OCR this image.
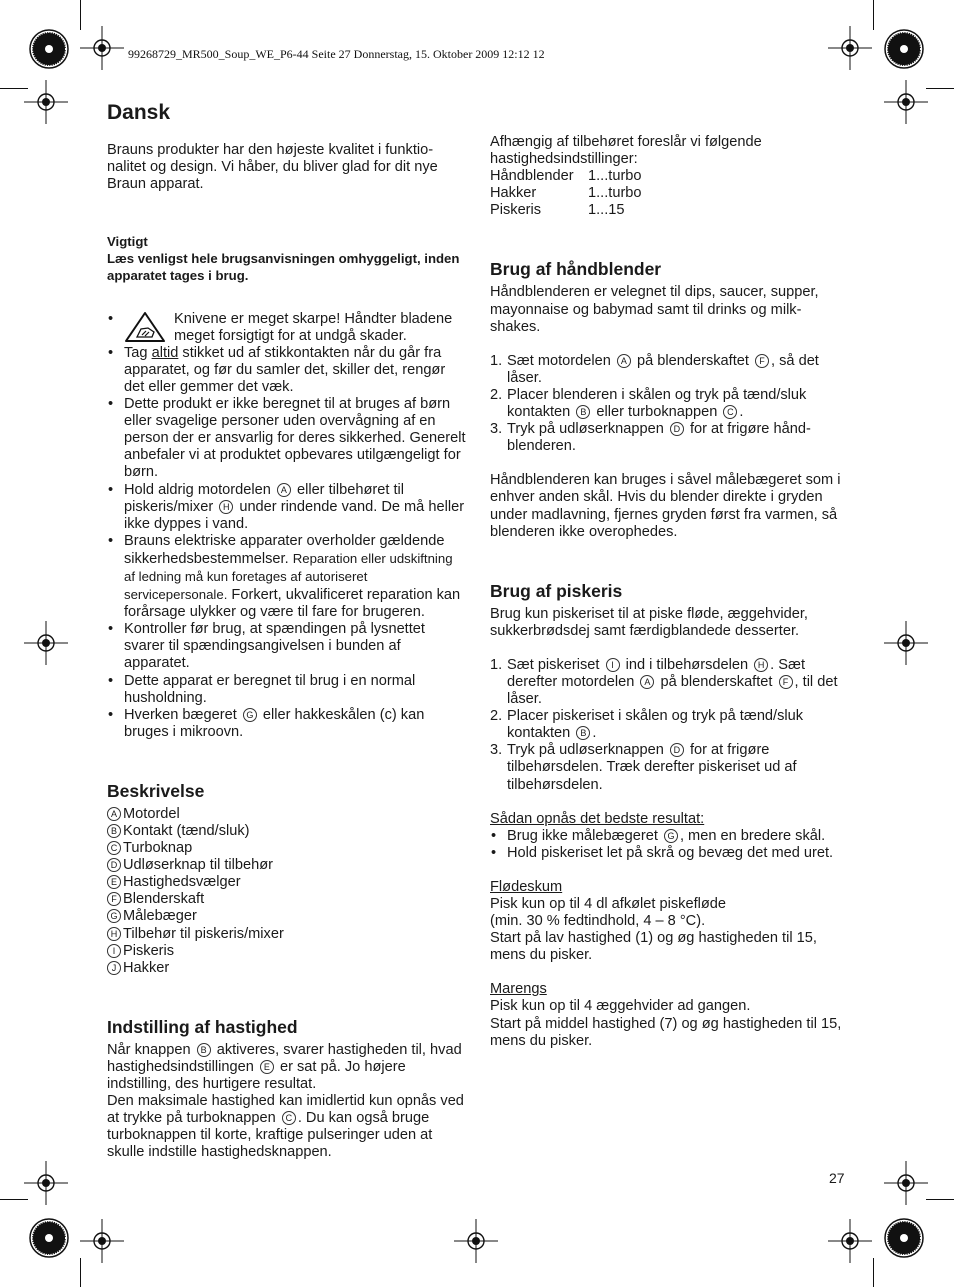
99268729_MR500_Soup_WE_P6-44 Seite 27 Donnerstag, 15. Oktober 2009 12:12 12
Dansk

Brauns produkter har den højeste kvalitet i funktio-nalitet og design. Vi håber, du bliver glad for dit nye Braun apparat.

Vigtigt

Læs venligst hele brugsanvisningen omhyggeligt, inden apparatet tages i brug.

• Knivene er meget skarpe! Håndter bladene meget forsigtigt for at undgå skader.
• Tag altid stikket ud af stikkontakten når du går fra apparatet, og før du samler det, skiller det, rengør det eller gemmer det væk.
• Dette produkt er ikke beregnet til at bruges af børn eller svagelige personer uden overvågning af en person der er ansvarlig for deres sikkerhed. Generelt anbefaler vi at produktet opbevares utilgængeligt for børn.
• Hold aldrig motordelen A eller tilbehøret til piskeris/mixer H under rindende vand. De må heller ikke dyppes i vand.
• Brauns elektriske apparater overholder gældende sikkerhedsbestemmelser. Reparation eller udskiftning af ledning må kun foretages af autoriseret servicepersonale. Forkert, ukvalificeret reparation kan forårsage ulykker og være til fare for brugeren.
• Kontroller før brug, at spændingen på lysnettet svarer til spændingsangivelsen i bunden af apparatet.
• Dette apparat er beregnet til brug i en normal husholdning.
• Hverken bægeret G eller hakkeskålen (c) kan bruges i mikroovn.
Beskrivelse
A Motordel
B Kontakt (tænd/sluk)
C Turboknap
D Udløserknap til tilbehør
E Hastighedsvælger
F Blenderskaft
G Målebæger
H Tilbehør til piskeris/mixer
I Piskeris
J Hakker
Indstilling af hastighed

Når knappen B aktiveres, svarer hastigheden til, hvad hastighedsindstillingen E er sat på. Jo højere indstilling, des hurtigere resultat.

Den maksimale hastighed kan imidlertid kun opnås ved at trykke på turboknappen C . Du kan også bruge turboknappen til korte, kraftige pulseringer uden at skulle indstille hastighedsknappen.

Afhængig af tilbehøret foreslår vi følgende hastighedsindstillinger:

Håndblender	1...turbo
Hakker	1...turbo
Piskeris	1...15
Brug af håndblender

Håndblenderen er velegnet til dips, saucer, supper, mayonnaise og babymad samt til drinks og milk-shakes.

1. Sæt motordelen A på blenderskaftet F , så det låser.
2. Placer blenderen i skålen og tryk på tænd/sluk kontakten B eller turboknappen C .
3. Tryk på udløserknappen D for at frigøre hånd-blenderen.

Håndblenderen kan bruges i såvel målebægeret som i enhver anden skål. Hvis du blender direkte i gryden under madlavning, fjernes gryden først fra varmen, så blenderen ikke overophedes.

Brug af piskeris

Brug kun piskeriset til at piske fløde, æggehvider, sukkerbrødsdej samt færdigblandede desserter.

1. Sæt piskeriset I ind i tilbehørsdelen H . Sæt derefter motordelen A på blenderskaftet F , til det låser.
2. Placer piskeriset i skålen og tryk på tænd/sluk kontakten B .
3. Tryk på udløserknappen D for at frigøre tilbehørsdelen. Træk derefter piskeriset ud af tilbehørsdelen.

Sådan opnås det bedste resultat:

• Brug ikke målebægeret G , men en bredere skål.
• Hold piskeriset let på skrå og bevæg det med uret.

Flødeskum

Pisk kun op til 4 dl afkølet piskefløde

(min. 30 % fedtindhold, 4 – 8 °C).

Start på lav hastighed (1) og øg hastigheden til 15, mens du pisker.

Marengs

Pisk kun op til 4 æggehvider ad gangen.

Start på middel hastighed (7) og øg hastigheden til 15, mens du pisker.

27
